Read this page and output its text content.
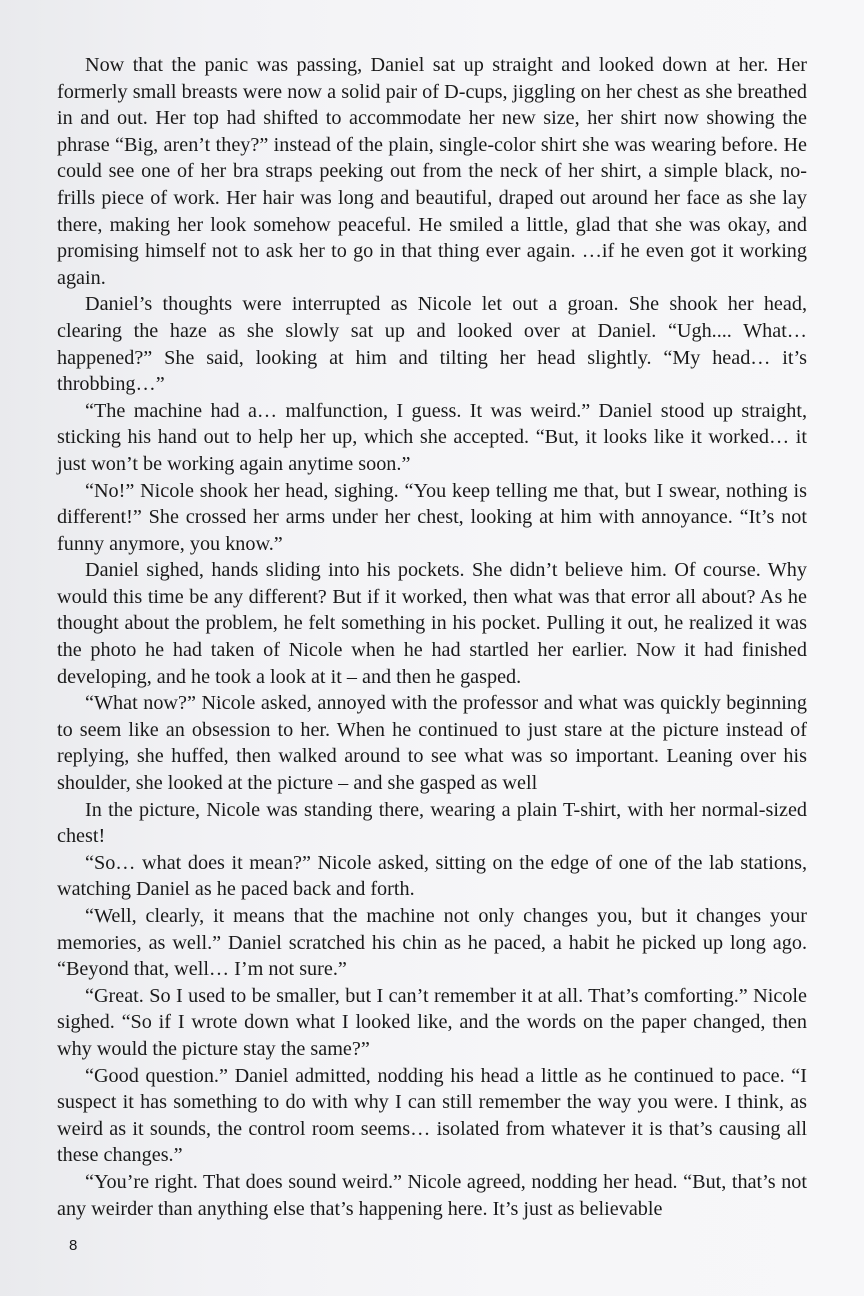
Now that the panic was passing, Daniel sat up straight and looked down at her. Her formerly small breasts were now a solid pair of D-cups, jiggling on her chest as she breathed in and out. Her top had shifted to accommodate her new size, her shirt now showing the phrase “Big, aren’t they?” instead of the plain, single-color shirt she was wearing before. He could see one of her bra straps peeking out from the neck of her shirt, a simple black, no-frills piece of work. Her hair was long and beautiful, draped out around her face as she lay there, making her look somehow peaceful. He smiled a little, glad that she was okay, and promising himself not to ask her to go in that thing ever again. …if he even got it working again.

Daniel’s thoughts were interrupted as Nicole let out a groan. She shook her head, clearing the haze as she slowly sat up and looked over at Daniel. “Ugh.... What… happened?” She said, looking at him and tilting her head slightly. “My head… it’s throbbing…”

“The machine had a… malfunction, I guess. It was weird.” Daniel stood up straight, sticking his hand out to help her up, which she accepted. “But, it looks like it worked… it just won’t be working again anytime soon.”

“No!” Nicole shook her head, sighing. “You keep telling me that, but I swear, nothing is different!” She crossed her arms under her chest, looking at him with annoyance. “It’s not funny anymore, you know.”

Daniel sighed, hands sliding into his pockets. She didn’t believe him. Of course. Why would this time be any different? But if it worked, then what was that error all about? As he thought about the problem, he felt something in his pocket. Pulling it out, he realized it was the photo he had taken of Nicole when he had startled her earlier. Now it had finished developing, and he took a look at it – and then he gasped.

“What now?” Nicole asked, annoyed with the professor and what was quickly beginning to seem like an obsession to her. When he continued to just stare at the picture instead of replying, she huffed, then walked around to see what was so important. Leaning over his shoulder, she looked at the picture – and she gasped as well

In the picture, Nicole was standing there, wearing a plain T-shirt, with her normal-sized chest!

“So… what does it mean?” Nicole asked, sitting on the edge of one of the lab stations, watching Daniel as he paced back and forth.

“Well, clearly, it means that the machine not only changes you, but it changes your memories, as well.” Daniel scratched his chin as he paced, a habit he picked up long ago. “Beyond that, well… I’m not sure.”

“Great. So I used to be smaller, but I can’t remember it at all. That’s comforting.” Nicole sighed. “So if I wrote down what I looked like, and the words on the paper changed, then why would the picture stay the same?”

“Good question.” Daniel admitted, nodding his head a little as he continued to pace. “I suspect it has something to do with why I can still remember the way you were. I think, as weird as it sounds, the control room seems… isolated from whatever it is that’s causing all these changes.”

“You’re right. That does sound weird.” Nicole agreed, nodding her head. “But, that’s not any weirder than anything else that’s happening here. It’s just as believable

8
